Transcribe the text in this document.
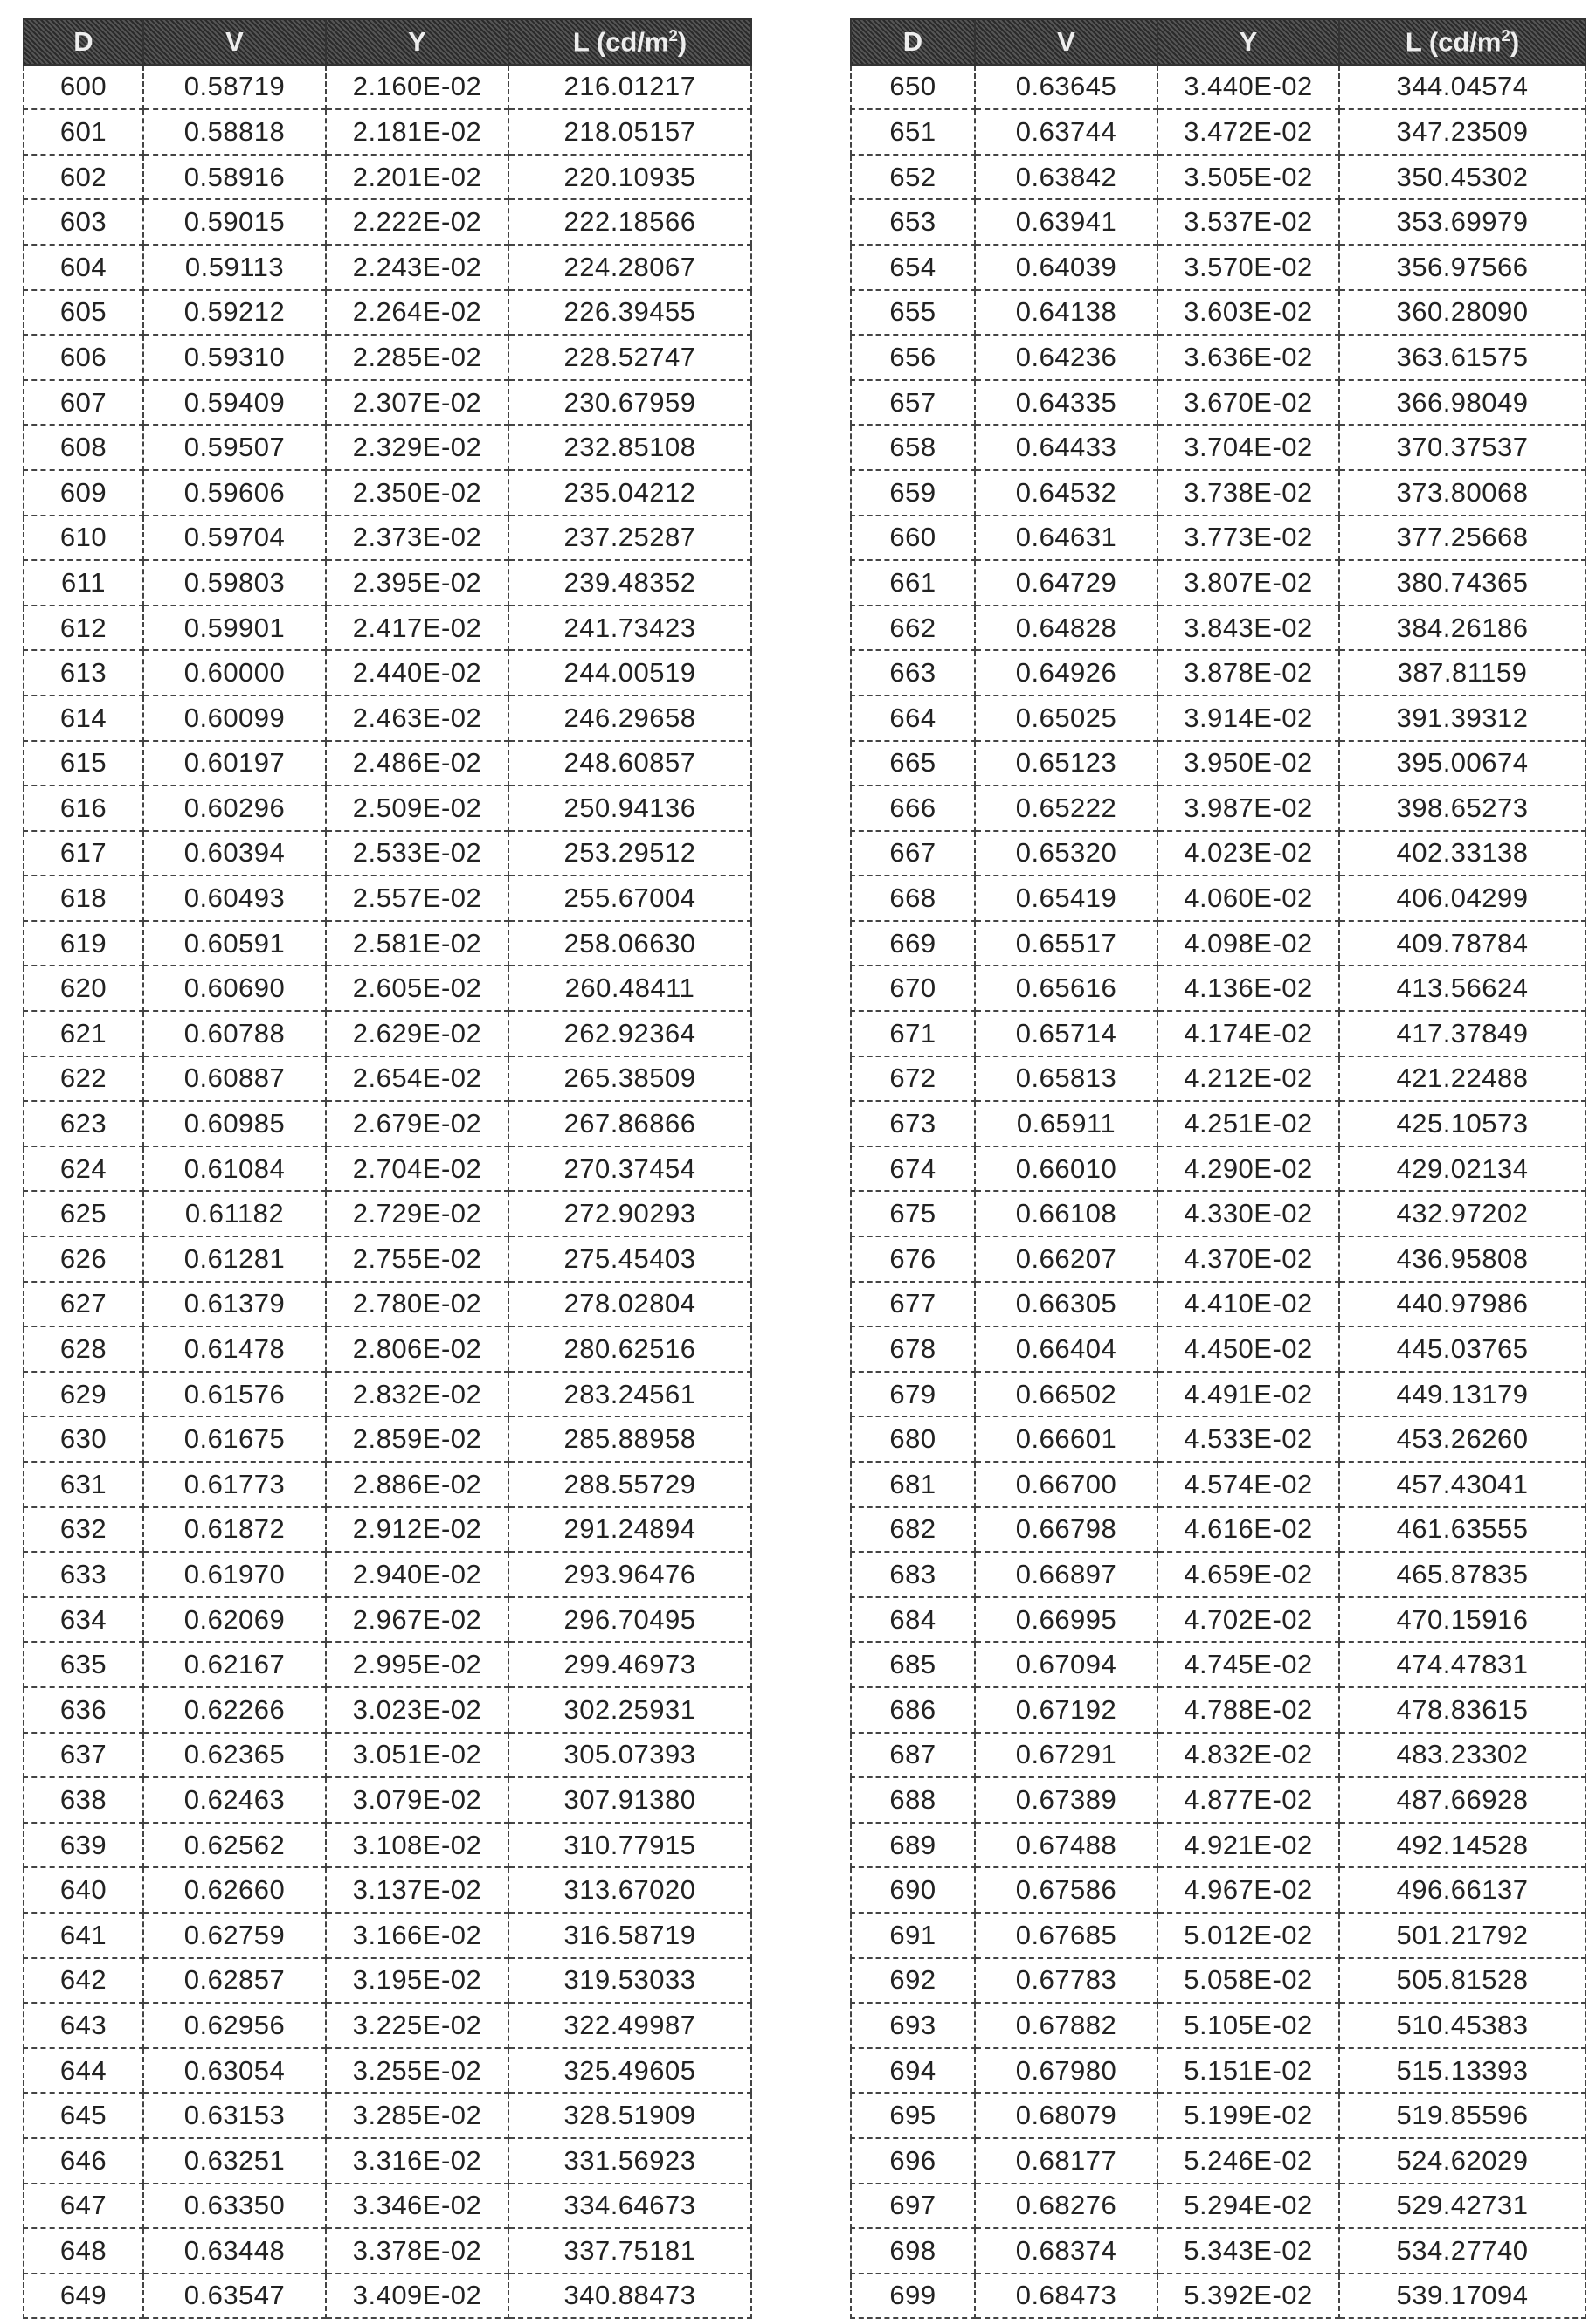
D	V	Y	L (cd/m2)
600	0.58719	2.160E-02	216.01217
601	0.58818	2.181E-02	218.05157
602	0.58916	2.201E-02	220.10935
603	0.59015	2.222E-02	222.18566
604	0.59113	2.243E-02	224.28067
605	0.59212	2.264E-02	226.39455
606	0.59310	2.285E-02	228.52747
607	0.59409	2.307E-02	230.67959
608	0.59507	2.329E-02	232.85108
609	0.59606	2.350E-02	235.04212
610	0.59704	2.373E-02	237.25287
611	0.59803	2.395E-02	239.48352
612	0.59901	2.417E-02	241.73423
613	0.60000	2.440E-02	244.00519
614	0.60099	2.463E-02	246.29658
615	0.60197	2.486E-02	248.60857
616	0.60296	2.509E-02	250.94136
617	0.60394	2.533E-02	253.29512
618	0.60493	2.557E-02	255.67004
619	0.60591	2.581E-02	258.06630
620	0.60690	2.605E-02	260.48411
621	0.60788	2.629E-02	262.92364
622	0.60887	2.654E-02	265.38509
623	0.60985	2.679E-02	267.86866
624	0.61084	2.704E-02	270.37454
625	0.61182	2.729E-02	272.90293
626	0.61281	2.755E-02	275.45403
627	0.61379	2.780E-02	278.02804
628	0.61478	2.806E-02	280.62516
629	0.61576	2.832E-02	283.24561
630	0.61675	2.859E-02	285.88958
631	0.61773	2.886E-02	288.55729
632	0.61872	2.912E-02	291.24894
633	0.61970	2.940E-02	293.96476
634	0.62069	2.967E-02	296.70495
635	0.62167	2.995E-02	299.46973
636	0.62266	3.023E-02	302.25931
637	0.62365	3.051E-02	305.07393
638	0.62463	3.079E-02	307.91380
639	0.62562	3.108E-02	310.77915
640	0.62660	3.137E-02	313.67020
641	0.62759	3.166E-02	316.58719
642	0.62857	3.195E-02	319.53033
643	0.62956	3.225E-02	322.49987
644	0.63054	3.255E-02	325.49605
645	0.63153	3.285E-02	328.51909
646	0.63251	3.316E-02	331.56923
647	0.63350	3.346E-02	334.64673
648	0.63448	3.378E-02	337.75181
649	0.63547	3.409E-02	340.88473
D	V	Y	L (cd/m2)
650	0.63645	3.440E-02	344.04574
651	0.63744	3.472E-02	347.23509
652	0.63842	3.505E-02	350.45302
653	0.63941	3.537E-02	353.69979
654	0.64039	3.570E-02	356.97566
655	0.64138	3.603E-02	360.28090
656	0.64236	3.636E-02	363.61575
657	0.64335	3.670E-02	366.98049
658	0.64433	3.704E-02	370.37537
659	0.64532	3.738E-02	373.80068
660	0.64631	3.773E-02	377.25668
661	0.64729	3.807E-02	380.74365
662	0.64828	3.843E-02	384.26186
663	0.64926	3.878E-02	387.81159
664	0.65025	3.914E-02	391.39312
665	0.65123	3.950E-02	395.00674
666	0.65222	3.987E-02	398.65273
667	0.65320	4.023E-02	402.33138
668	0.65419	4.060E-02	406.04299
669	0.65517	4.098E-02	409.78784
670	0.65616	4.136E-02	413.56624
671	0.65714	4.174E-02	417.37849
672	0.65813	4.212E-02	421.22488
673	0.65911	4.251E-02	425.10573
674	0.66010	4.290E-02	429.02134
675	0.66108	4.330E-02	432.97202
676	0.66207	4.370E-02	436.95808
677	0.66305	4.410E-02	440.97986
678	0.66404	4.450E-02	445.03765
679	0.66502	4.491E-02	449.13179
680	0.66601	4.533E-02	453.26260
681	0.66700	4.574E-02	457.43041
682	0.66798	4.616E-02	461.63555
683	0.66897	4.659E-02	465.87835
684	0.66995	4.702E-02	470.15916
685	0.67094	4.745E-02	474.47831
686	0.67192	4.788E-02	478.83615
687	0.67291	4.832E-02	483.23302
688	0.67389	4.877E-02	487.66928
689	0.67488	4.921E-02	492.14528
690	0.67586	4.967E-02	496.66137
691	0.67685	5.012E-02	501.21792
692	0.67783	5.058E-02	505.81528
693	0.67882	5.105E-02	510.45383
694	0.67980	5.151E-02	515.13393
695	0.68079	5.199E-02	519.85596
696	0.68177	5.246E-02	524.62029
697	0.68276	5.294E-02	529.42731
698	0.68374	5.343E-02	534.27740
699	0.68473	5.392E-02	539.17094
